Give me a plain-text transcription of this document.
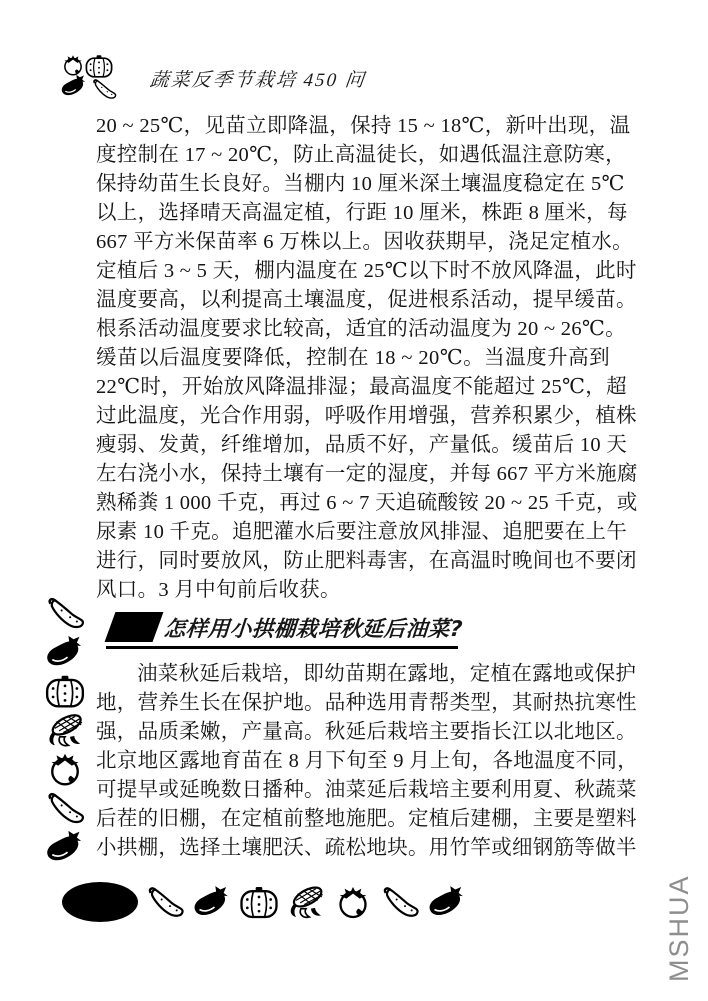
蔬菜反季节栽培 450 问
20 ~ 25℃，见苗立即降温，保持 15 ~ 18℃，新叶出现，温
度控制在 17 ~ 20℃，防止高温徒长，如遇低温注意防寒，
保持幼苗生长良好。当棚内 10 厘米深土壤温度稳定在 5℃
以上，选择晴天高温定植，行距 10 厘米，株距 8 厘米，每
667 平方米保苗率 6 万株以上。因收获期早，浇足定植水。
定植后 3 ~ 5 天，棚内温度在 25℃以下时不放风降温，此时
温度要高，以利提高土壤温度，促进根系活动，提早缓苗。
根系活动温度要求比较高，适宜的活动温度为 20 ~ 26℃。
缓苗以后温度要降低，控制在 18 ~ 20℃。当温度升高到
22℃时，开始放风降温排湿；最高温度不能超过 25℃，超
过此温度，光合作用弱，呼吸作用增强，营养积累少，植株
瘦弱、发黄，纤维增加，品质不好，产量低。缓苗后 10 天
左右浇小水，保持土壤有一定的湿度，并每 667 平方米施腐
熟稀粪 1 000 千克，再过 6 ~ 7 天追硫酸铵 20 ~ 25 千克，或
尿素 10 千克。追肥灌水后要注意放风排湿、追肥要在上午
进行，同时要放风，防止肥料毒害，在高温时晚间也不要闭
风口。3 月中旬前后收获。
怎样用小拱棚栽培秋延后油菜?
油菜秋延后栽培，即幼苗期在露地，定植在露地或保护
地，营养生长在保护地。品种选用青帮类型，其耐热抗寒性
强，品质柔嫩，产量高。秋延后栽培主要指长江以北地区。
北京地区露地育苗在 8 月下旬至 9 月上旬，各地温度不同，
可提早或延晚数日播种。油菜延后栽培主要利用夏、秋蔬菜
后茬的旧棚，在定植前整地施肥。定植后建棚，主要是塑料
小拱棚，选择土壤肥沃、疏松地块。用竹竿或细钢筋等做半
MSHUA
